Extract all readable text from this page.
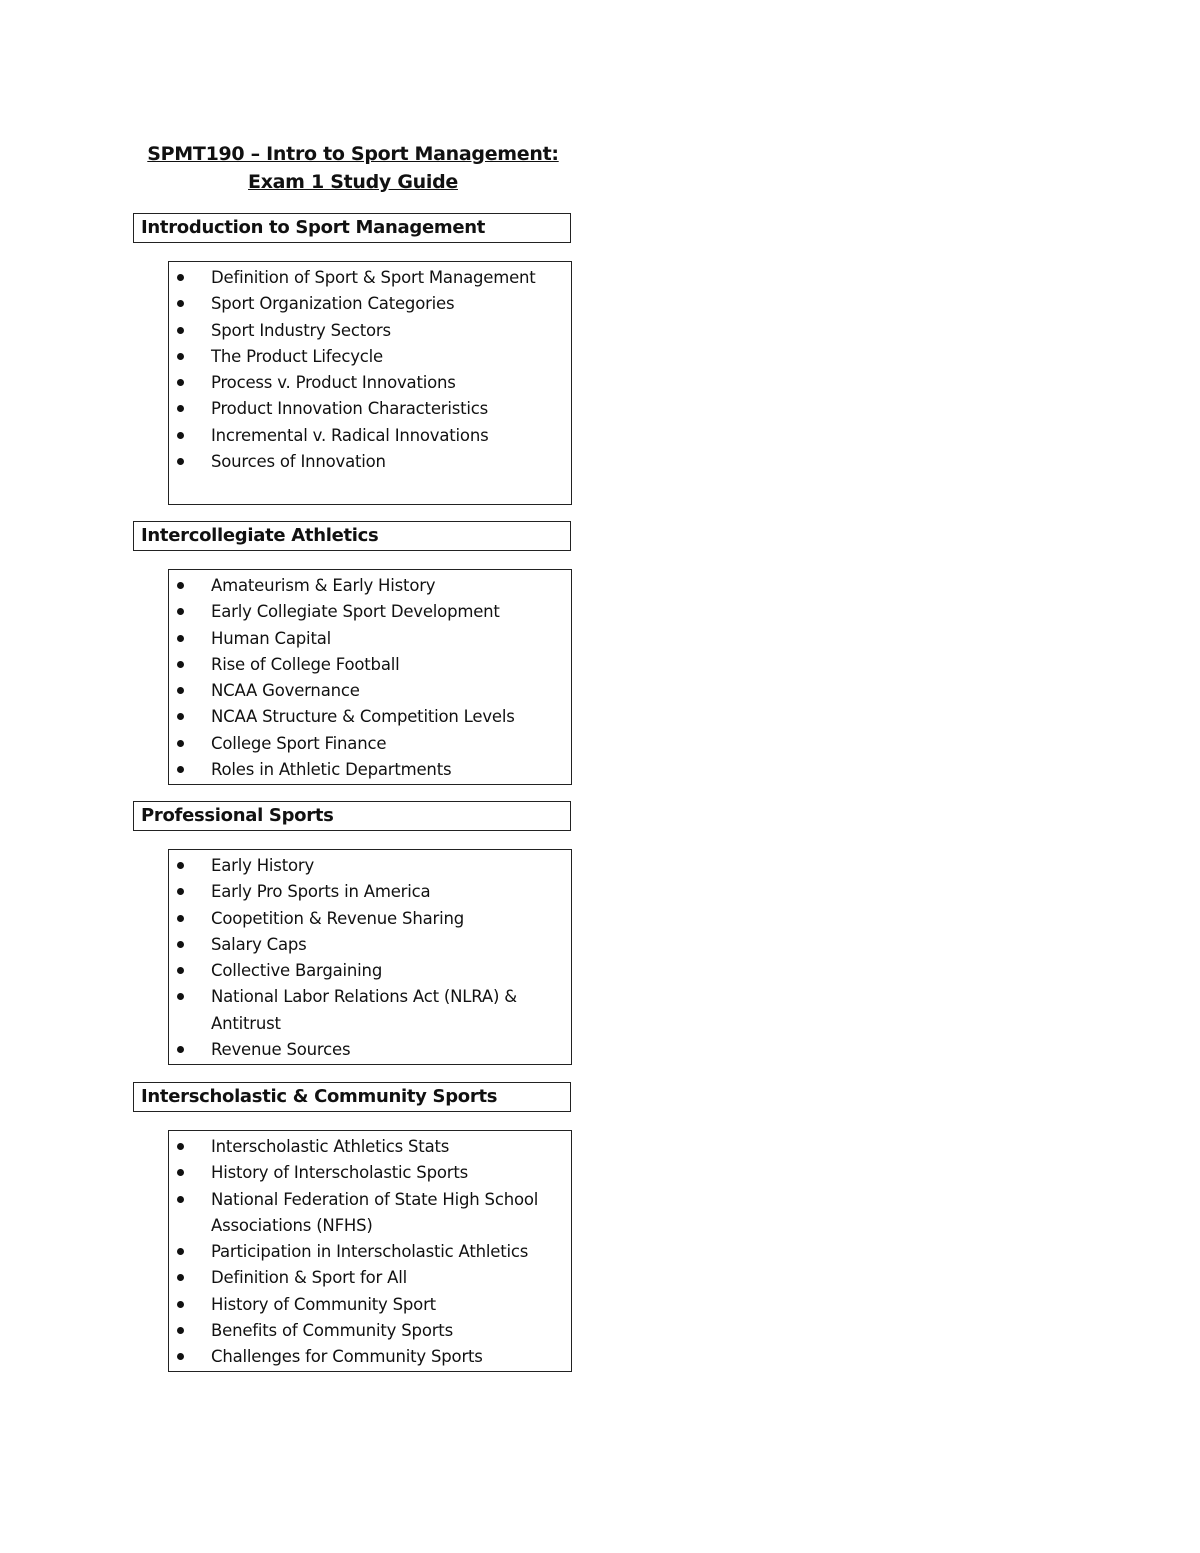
SPMT190 – Intro to Sport Management:
Exam 1 Study Guide
Introduction to Sport Management
Definition of Sport & Sport Management
Sport Organization Categories
Sport Industry Sectors
The Product Lifecycle
Process v. Product Innovations
Product Innovation Characteristics
Incremental v. Radical Innovations
Sources of Innovation
Intercollegiate Athletics
Amateurism & Early History
Early Collegiate Sport Development
Human Capital
Rise of College Football
NCAA Governance
NCAA Structure & Competition Levels
College Sport Finance
Roles in Athletic Departments
Professional Sports
Early History
Early Pro Sports in America
Coopetition & Revenue Sharing
Salary Caps
Collective Bargaining
National Labor Relations Act (NLRA) & Antitrust
Revenue Sources
Interscholastic & Community Sports
Interscholastic Athletics Stats
History of Interscholastic Sports
National Federation of State High School Associations (NFHS)
Participation in Interscholastic Athletics
Definition & Sport for All
History of Community Sport
Benefits of Community Sports
Challenges for Community Sports
